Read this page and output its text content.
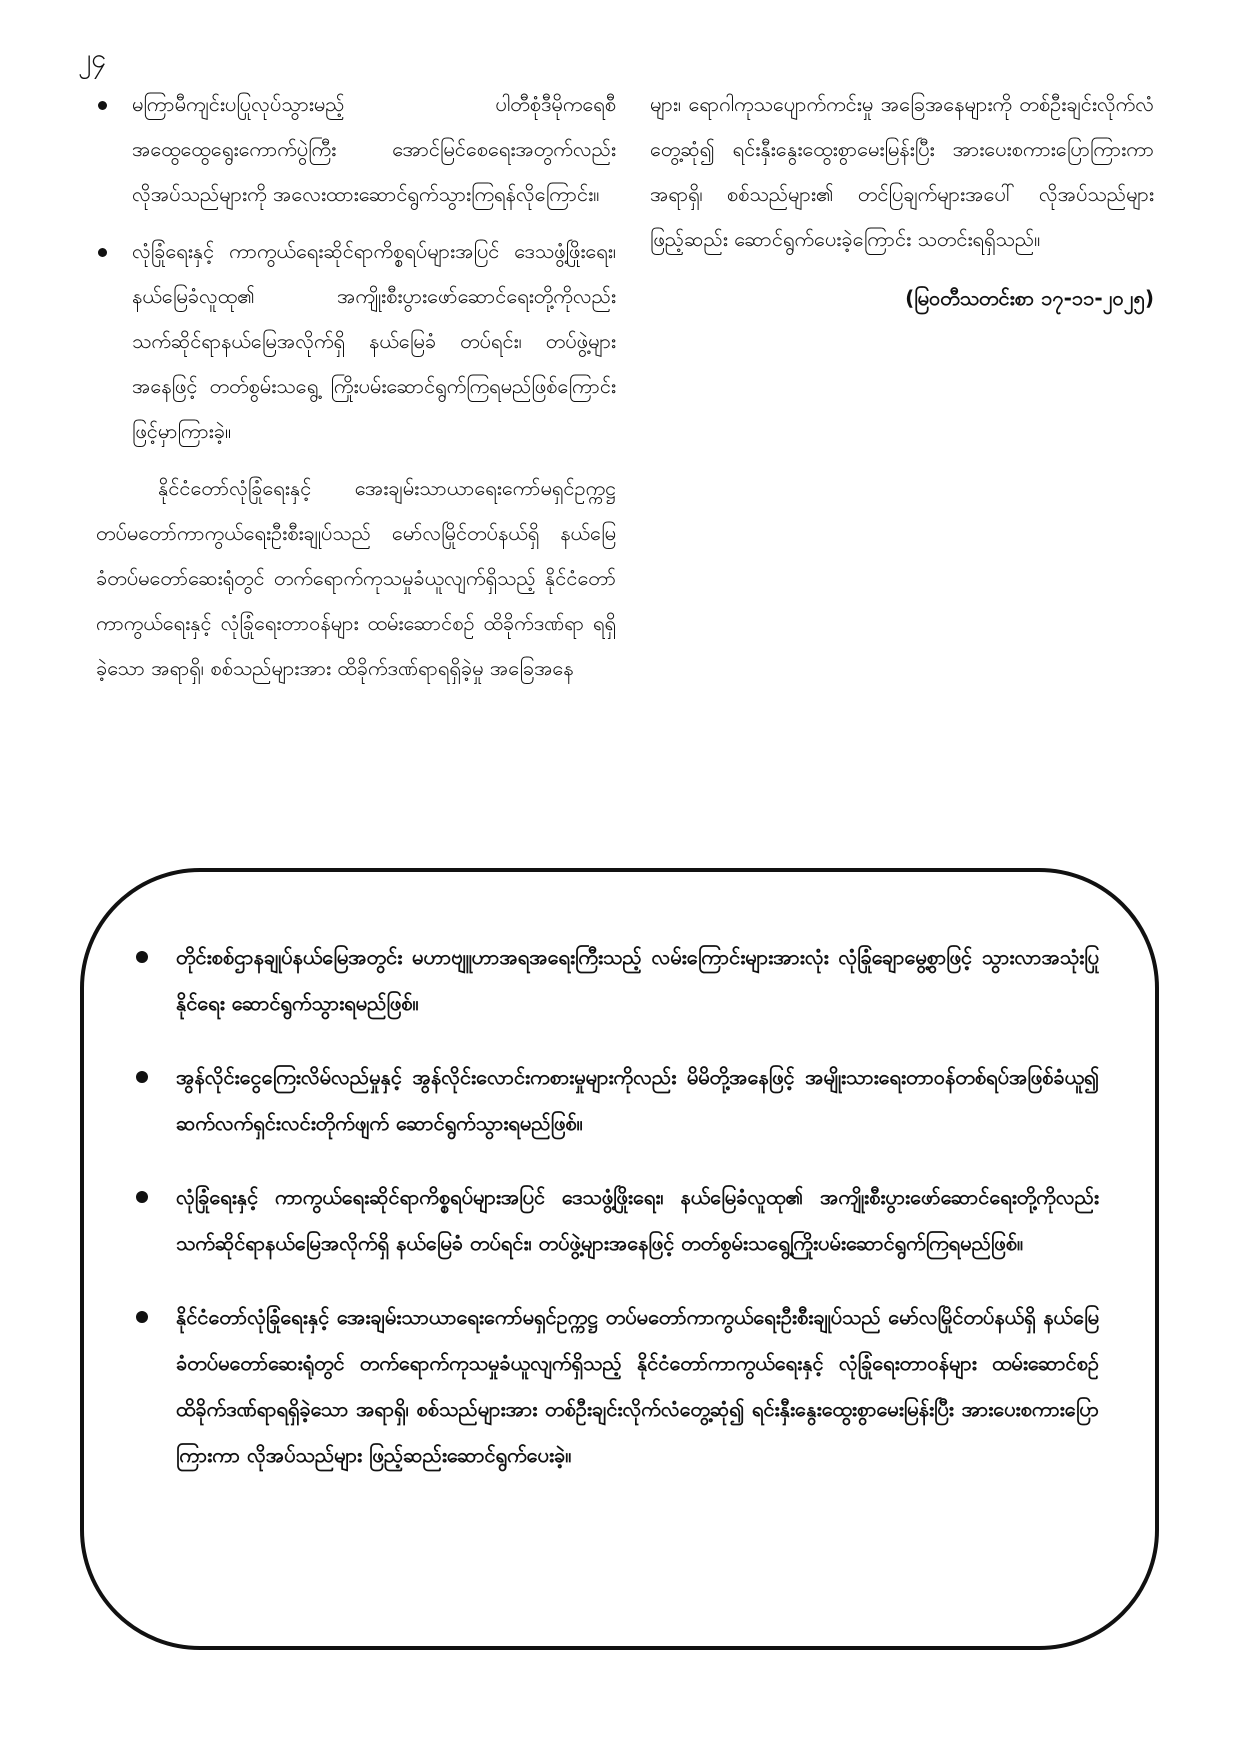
၂၄

မကြာမီကျင်းပပြုလုပ်သွားမည့် ပါတီစုံဒီမိုကရေစီ အထွေထွေရွေးကောက်ပွဲကြီး အောင်မြင်စေရေးအတွက်လည်း လိုအပ်သည်များကို အလေးထားဆောင်ရွက်သွားကြရန်လိုကြောင်း။

လုံခြုံရေးနှင့် ကာကွယ်ရေးဆိုင်ရာကိစ္စရပ်များအပြင် ဒေသဖွံ့ဖြိုးရေး၊ နယ်မြေခံလူထု၏ အကျိုးစီးပွားဖော်ဆောင်ရေးတို့ကိုလည်း သက်ဆိုင်ရာနယ်မြေအလိုက်ရှိ နယ်မြေခံ တပ်ရင်း၊ တပ်ဖွဲ့များအနေဖြင့် တတ်စွမ်းသရွေ့ ကြိုးပမ်းဆောင်ရွက်ကြရမည်ဖြစ်ကြောင်းဖြင့်မှာကြားခဲ့။

နိုင်ငံတော်လုံခြုံရေးနှင့် အေးချမ်းသာယာရေးကော်မရှင်ဥက္ကဋ္ဌ တပ်မတော်ကာကွယ်ရေးဦးစီးချုပ်သည် မော်လမြိုင်တပ်နယ်ရှိ နယ်မြေခံတပ်မတော်ဆေးရုံတွင် တက်ရောက်ကုသမှုခံယူလျက်ရှိသည့် နိုင်ငံတော်ကာကွယ်ရေးနှင့် လုံခြုံရေးတာဝန်များ ထမ်းဆောင်စဉ် ထိခိုက်ဒဏ်ရာ ရရှိခဲ့သော အရာရှိ၊ စစ်သည်များအား ထိခိုက်ဒဏ်ရာရရှိခဲ့မှု အခြေအနေ

များ၊ ရောဂါကုသပျောက်ကင်းမှု အခြေအနေများကို တစ်ဦးချင်းလိုက်လံတွေ့ဆုံ၍ ရင်းနှီးနွေးထွေးစွာမေးမြန်းပြီး အားပေးစကားပြောကြားကာ အရာရှိ၊ စစ်သည်များ၏ တင်ပြချက်များအပေါ် လိုအပ်သည်များ ဖြည့်ဆည်း ဆောင်ရွက်ပေးခဲ့ကြောင်း သတင်းရရှိသည်။

(မြဝတီသတင်းစာ ၁၇-၁၁-၂၀၂၅)

တိုင်းစစ်ဌာနချုပ်နယ်မြေအတွင်း မဟာဗျူဟာအရအရေးကြီးသည့် လမ်းကြောင်းများအားလုံး လုံခြုံချောမွေ့စွာဖြင့် သွားလာအသုံးပြုနိုင်ရေး ဆောင်ရွက်သွားရမည်ဖြစ်။

အွန်လိုင်းငွေကြေးလိမ်လည်မှုနှင့် အွန်လိုင်းလောင်းကစားမှုများကိုလည်း မိမိတို့အနေဖြင့် အမျိုးသားရေးတာဝန်တစ်ရပ်အဖြစ်ခံယူ၍ ဆက်လက်ရှင်းလင်းတိုက်ဖျက် ဆောင်ရွက်သွားရမည်ဖြစ်။

လုံခြုံရေးနှင့် ကာကွယ်ရေးဆိုင်ရာကိစ္စရပ်များအပြင် ဒေသဖွံ့ဖြိုးရေး၊ နယ်မြေခံလူထု၏ အကျိုးစီးပွားဖော်ဆောင်ရေးတို့ကိုလည်း သက်ဆိုင်ရာနယ်မြေအလိုက်ရှိ နယ်မြေခံ တပ်ရင်း၊ တပ်ဖွဲ့များအနေဖြင့် တတ်စွမ်းသရွေ့ကြိုးပမ်းဆောင်ရွက်ကြရမည်ဖြစ်။

နိုင်ငံတော်လုံခြုံရေးနှင့် အေးချမ်းသာယာရေးကော်မရှင်ဥက္ကဋ္ဌ တပ်မတော်ကာကွယ်ရေးဦးစီးချုပ်သည် မော်လမြိုင်တပ်နယ်ရှိ နယ်မြေခံတပ်မတော်ဆေးရုံတွင် တက်ရောက်ကုသမှုခံယူလျက်ရှိသည့် နိုင်ငံတော်ကာကွယ်ရေးနှင့် လုံခြုံရေးတာဝန်များ ထမ်းဆောင်စဉ် ထိခိုက်ဒဏ်ရာရရှိခဲ့သော အရာရှိ၊ စစ်သည်များအား တစ်ဦးချင်းလိုက်လံတွေ့ဆုံ၍ ရင်းနှီးနွေးထွေးစွာမေးမြန်းပြီး အားပေးစကားပြောကြားကာ လိုအပ်သည်များ ဖြည့်ဆည်းဆောင်ရွက်ပေးခဲ့။
